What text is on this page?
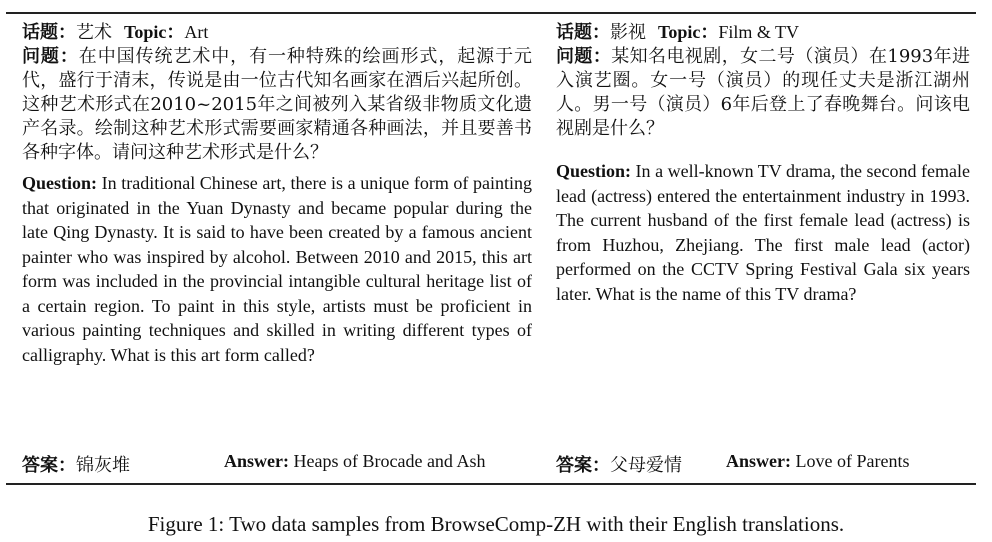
话题：艺术 Topic：Art

问题：在中国传统艺术中，有一种特殊的绘画形式，起源于元代，盛行于清末，传说是由一位古代知名画家在酒后兴起所创。这种艺术形式在2010~2015年之间被列入某省级非物质文化遗产名录。绘制这种艺术形式需要画家精通各种画法，并且要善书各种字体。请问这种艺术形式是什么？

Question: In traditional Chinese art, there is a unique form of painting that originated in the Yuan Dynasty and became popular during the late Qing Dynasty. It is said to have been created by a famous ancient painter who was inspired by alcohol. Between 2010 and 2015, this art form was included in the provincial intangible cultural heritage list of a certain region. To paint in this style, artists must be proficient in various painting techniques and skilled in writing different types of calligraphy. What is this art form called?

话题：影视 Topic：Film & TV

问题：某知名电视剧，女二号（演员）在1993年进入演艺圈。女一号（演员）的现任丈夫是浙江湖州人。男一号（演员）6年后登上了春晚舞台。问该电视剧是什么？

Question: In a well-known TV drama, the second female lead (actress) entered the entertainment industry in 1993. The current husband of the first female lead (actress) is from Huzhou, Zhejiang. The first male lead (actor) performed on the CCTV Spring Festival Gala six years later. What is the name of this TV drama?

答案：锦灰堆	Answer: Heaps of Brocade and Ash	答案：父母爱情 Answer: Love of Parents
Figure 1: Two data samples from BrowseComp-ZH with their English translations.
